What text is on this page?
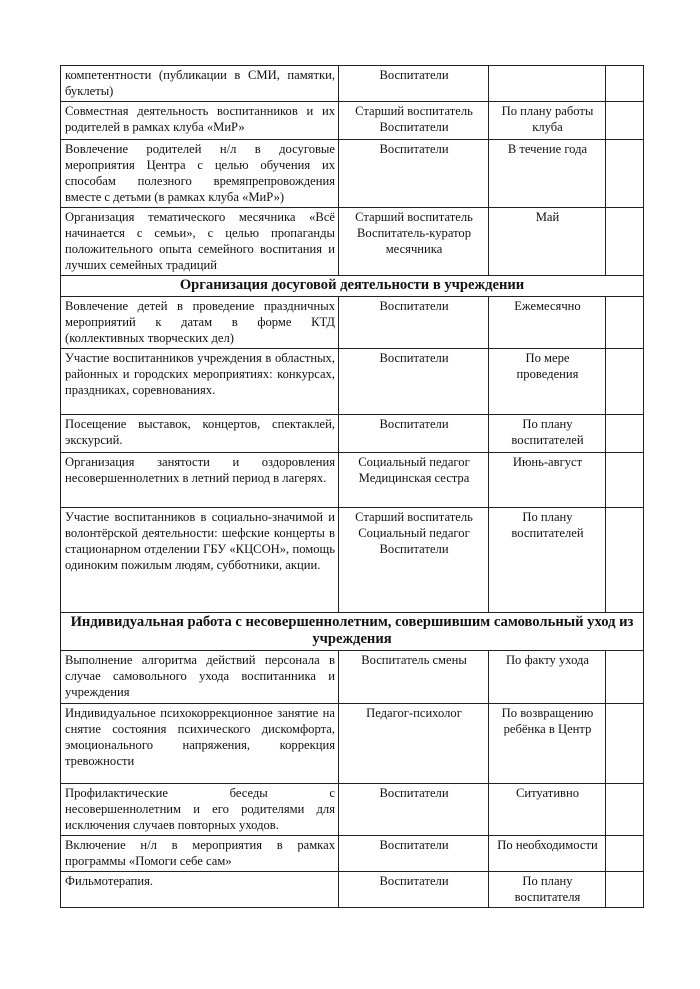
компетентности (публикации в СМИ, памятки, буклеты)	Воспитатели		
Совместная деятельность воспитанников и их родителей в рамках клуба «МиР»	Старший воспитатель Воспитатели	По плану работы клуба	
Вовлечение родителей н/л в досуговые мероприятия Центра с целью обучения их способам полезного времяпрепровождения вместе с детьми (в рамках клуба «МиР»)	Воспитатели	В течение года	
Организация тематического месячника «Всё начинается с семьи», с целью пропаганды положительного опыта семейного воспитания и лучших семейных традиций	Старший воспитатель Воспитатель-куратор месячника	Май	
Организация досуговой деятельности в учреждении			
Вовлечение детей в проведение праздничных мероприятий к датам в форме КТД (коллективных творческих дел)	Воспитатели	Ежемесячно	
Участие воспитанников учреждения в областных, районных и городских мероприятиях: конкурсах, праздниках, соревнованиях.	Воспитатели	По мере проведения	
Посещение выставок, концертов, спектаклей, экскурсий.	Воспитатели	По плану воспитателей	
Организация занятости и оздоровления несовершеннолетних в летний период в лагерях.	Социальный педагог Медицинская сестра	Июнь-август	
Участие воспитанников в социально-значимой и волонтёрской деятельности: шефские концерты в стационарном отделении ГБУ «КЦСОН», помощь одиноким пожилым людям, субботники, акции.	Старший воспитатель Социальный педагог Воспитатели	По плану воспитателей	
Индивидуальная работа с несовершеннолетним, совершившим самовольный уход из учреждения			
Выполнение алгоритма действий персонала в случае самовольного ухода воспитанника и учреждения	Воспитатель смены	По факту ухода	
Индивидуальное психокоррекционное занятие на снятие состояния психического дискомфорта, эмоционального напряжения, коррекция тревожности	Педагог-психолог	По возвращению ребёнка в Центр	
Профилактические беседы с несовершеннолетним и его родителями для исключения случаев повторных уходов.	Воспитатели	Ситуативно	
Включение н/л в мероприятия в рамках программы «Помоги себе сам»	Воспитатели	По необходимости	
Фильмотерапия.	Воспитатели	По плану воспитателя	
